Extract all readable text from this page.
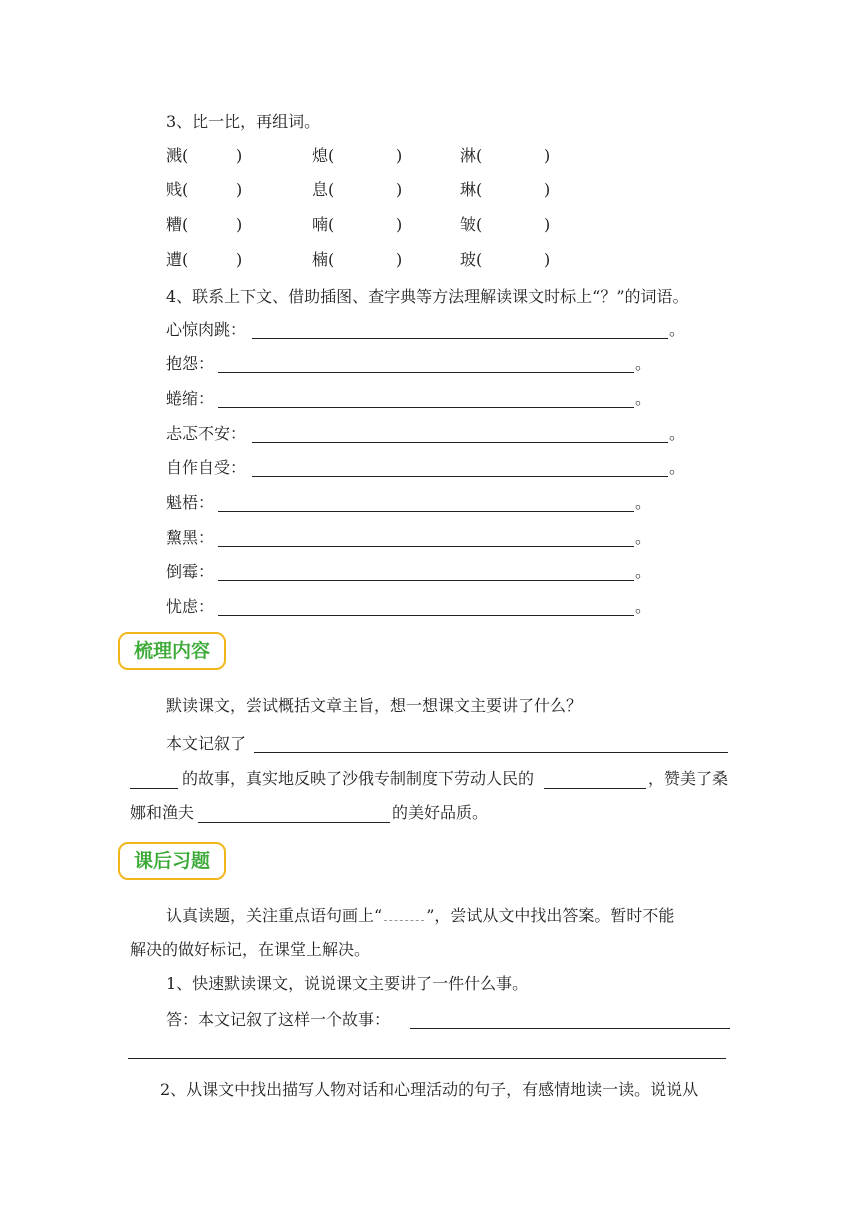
3、比一比，再组词。
溅(	)	熄(	)	淋(	)
贱(	)	息(	)	琳(	)
糟(	)	喃(	)	皱(	)
遭(	)	楠(	)	玻(	)
4、联系上下文、借助插图、查字典等方法理解读课文时标上“？”的词语。
心惊肉跳：	。
抱怨：	。
蜷缩：	。
忐忑不安：	。
自作自受：	。
魁梧：	。
黧黑：	。
倒霉：	。
忧虑：	。
梳理内容
默读课文，尝试概括文章主旨，想一想课文主要讲了什么？
本文记叙了
的故事，真实地反映了沙俄专制制度下劳动人民的	，赞美了桑
娜和渔夫	的美好品质。
课后习题
认真读题，关注重点语句画上“	”，尝试从文中找出答案。暂时不能
解决的做好标记，在课堂上解决。
1、快速默读课文，说说课文主要讲了一件什么事。
答：本文记叙了这样一个故事：
2、从课文中找出描写人物对话和心理活动的句子，有感情地读一读。说说从
